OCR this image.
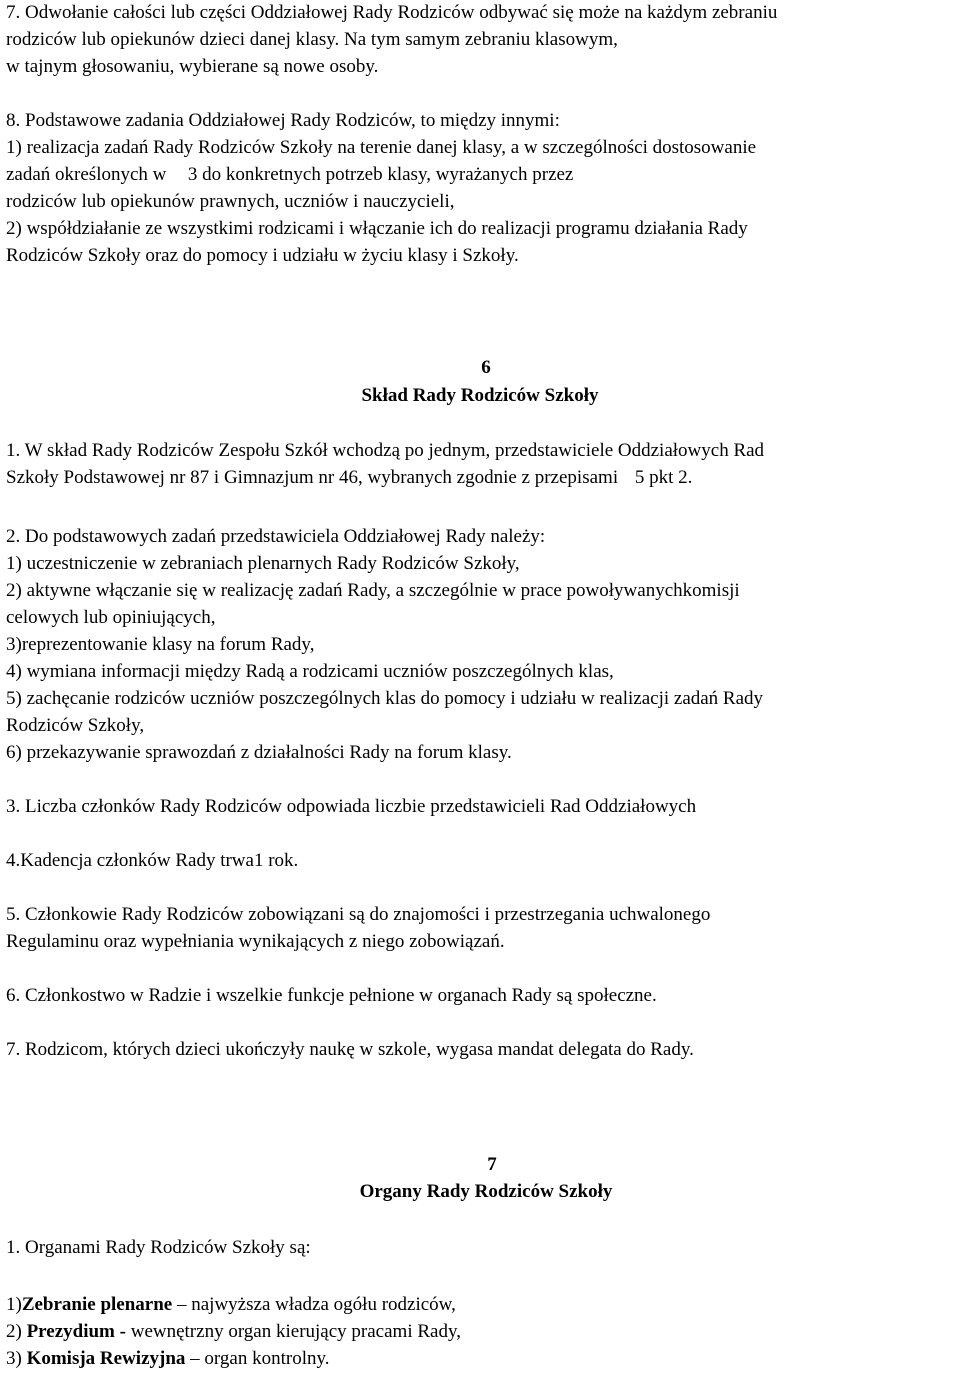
7. Odwołanie całości lub części Oddziałowej Rady Rodziców odbywać się może na każdym zebraniu
rodziców lub opiekunów dzieci danej klasy. Na tym samym zebraniu klasowym,
w tajnym głosowaniu, wybierane są nowe osoby.
8. Podstawowe zadania Oddziałowej Rady Rodziców, to między innymi:
1) realizacja zadań Rady Rodziców Szkoły na terenie danej klasy, a w szczególności dostosowanie
zadań określonych w 3 do konkretnych potrzeb klasy, wyrażanych przez
rodziców lub opiekunów prawnych, uczniów i nauczycieli,
2) współdziałanie ze wszystkimi rodzicami i włączanie ich do realizacji programu działania Rady
Rodziców Szkoły oraz do pomocy i udziału w życiu klasy i Szkoły.
6
Skład Rady Rodziców Szkoły
1. W skład Rady Rodziców Zespołu Szkół wchodzą po jednym, przedstawiciele Oddziałowych Rad
Szkoły Podstawowej nr 87 i Gimnazjum nr 46, wybranych zgodnie z przepisami 5 pkt 2.
2. Do podstawowych zadań przedstawiciela Oddziałowej Rady należy:
1) uczestniczenie w zebraniach plenarnych Rady Rodziców Szkoły,
2) aktywne włączanie się w realizację zadań Rady, a szczególnie w prace powoływanychkomisji
celowych lub opiniujących,
3)reprezentowanie klasy na forum Rady,
4) wymiana informacji między Radą a rodzicami uczniów poszczególnych klas,
5) zachęcanie rodziców uczniów poszczególnych klas do pomocy i udziału w realizacji zadań Rady
Rodziców Szkoły,
6) przekazywanie sprawozdań z działalności Rady na forum klasy.
3. Liczba członków Rady Rodziców odpowiada liczbie przedstawicieli Rad Oddziałowych
4.Kadencja członków Rady trwa1 rok.
5. Członkowie Rady Rodziców zobowiązani są do znajomości i przestrzegania uchwalonego
Regulaminu oraz wypełniania wynikających z niego zobowiązań.
6. Członkostwo w Radzie i wszelkie funkcje pełnione w organach Rady są społeczne.
7. Rodzicom, których dzieci ukończyły naukę w szkole, wygasa mandat delegata do Rady.
7
Organy Rady Rodziców Szkoły
1. Organami Rady Rodziców Szkoły są:
1)Zebranie plenarne – najwyższa władza ogółu rodziców,
2) Prezydium - wewnętrzny organ kierujący pracami Rady,
3) Komisja Rewizyjna – organ kontrolny.
